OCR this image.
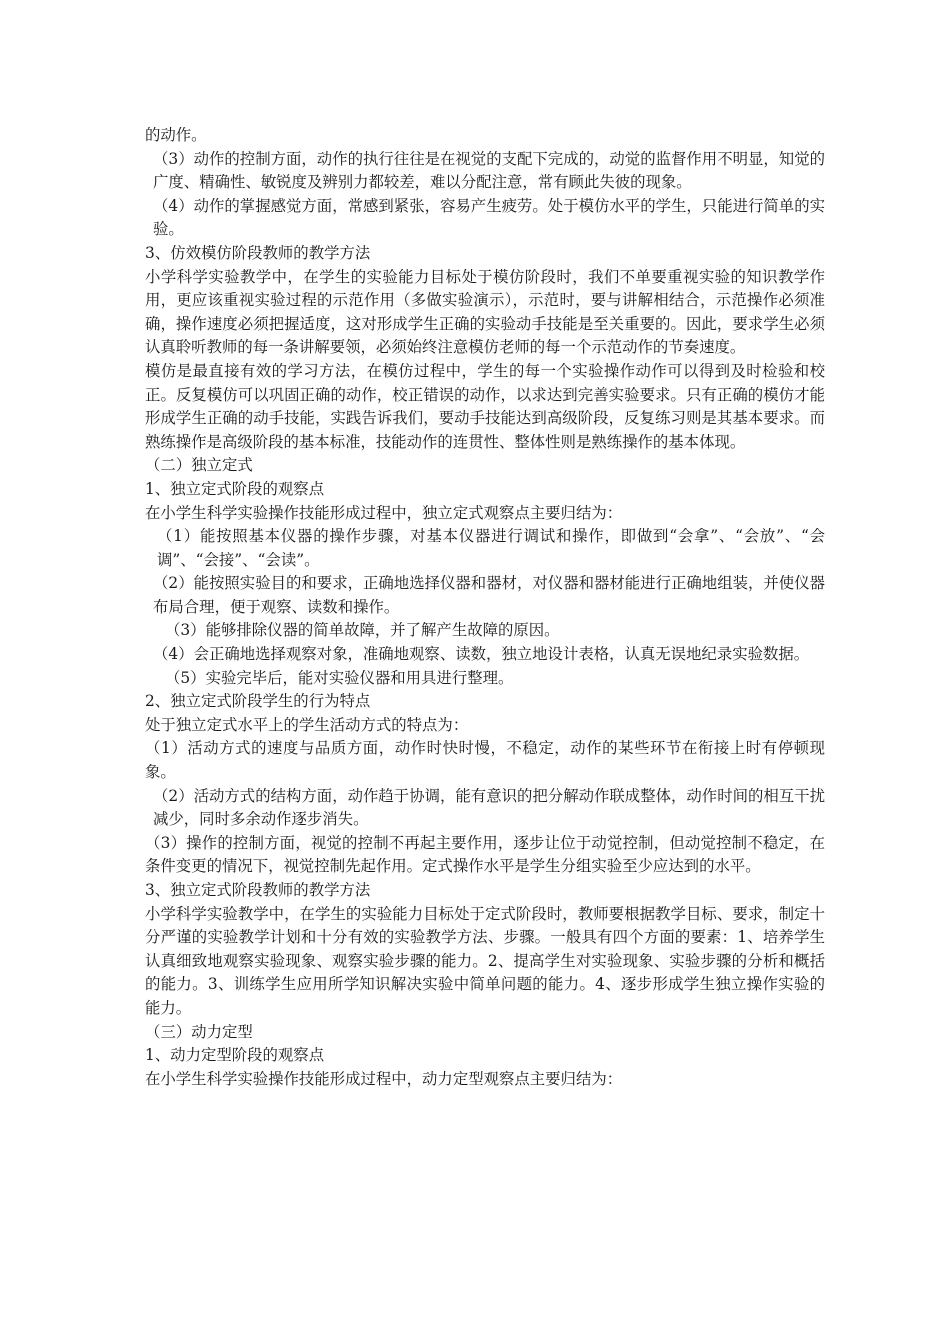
的动作。

（3）动作的控制方面，动作的执行往往是在视觉的支配下完成的，动觉的监督作用不明显，知觉的广度、精确性、敏锐度及辨别力都较差，难以分配注意，常有顾此失彼的现象。

（4）动作的掌握感觉方面，常感到紧张，容易产生疲劳。处于模仿水平的学生，只能进行简单的实验。

3、仿效模仿阶段教师的教学方法

小学科学实验教学中，在学生的实验能力目标处于模仿阶段时，我们不单要重视实验的知识教学作用，更应该重视实验过程的示范作用（多做实验演示），示范时，要与讲解相结合，示范操作必须准确，操作速度必须把握适度，这对形成学生正确的实验动手技能是至关重要的。因此，要求学生必须认真聆听教师的每一条讲解要领，必须始终注意模仿老师的每一个示范动作的节奏速度。

模仿是最直接有效的学习方法，在模仿过程中，学生的每一个实验操作动作可以得到及时检验和校正。反复模仿可以巩固正确的动作，校正错误的动作，以求达到完善实验要求。只有正确的模仿才能形成学生正确的动手技能，实践告诉我们，要动手技能达到高级阶段，反复练习则是其基本要求。而熟练操作是高级阶段的基本标准，技能动作的连贯性、整体性则是熟练操作的基本体现。

（二）独立定式

1、独立定式阶段的观察点

在小学生科学实验操作技能形成过程中，独立定式观察点主要归结为：

（1）能按照基本仪器的操作步骤，对基本仪器进行调试和操作，即做到“会拿”、“会放”、“会调”、“会接”、“会读”。

（2）能按照实验目的和要求，正确地选择仪器和器材，对仪器和器材能进行正确地组装，并使仪器布局合理，便于观察、读数和操作。

（3）能够排除仪器的简单故障，并了解产生故障的原因。

（4）会正确地选择观察对象，准确地观察、读数，独立地设计表格，认真无误地纪录实验数据。

（5）实验完毕后，能对实验仪器和用具进行整理。

2、独立定式阶段学生的行为特点

处于独立定式水平上的学生活动方式的特点为：

（1）活动方式的速度与品质方面，动作时快时慢，不稳定，动作的某些环节在衔接上时有停顿现象。

（2）活动方式的结构方面，动作趋于协调，能有意识的把分解动作联成整体，动作时间的相互干扰减少，同时多余动作逐步消失。

（3）操作的控制方面，视觉的控制不再起主要作用，逐步让位于动觉控制，但动觉控制不稳定，在条件变更的情况下，视觉控制先起作用。定式操作水平是学生分组实验至少应达到的水平。

3、独立定式阶段教师的教学方法

小学科学实验教学中，在学生的实验能力目标处于定式阶段时，教师要根据教学目标、要求，制定十分严谨的实验教学计划和十分有效的实验教学方法、步骤。一般具有四个方面的要素：1、培养学生认真细致地观察实验现象、观察实验步骤的能力。2、提高学生对实验现象、实验步骤的分析和概括的能力。3、训练学生应用所学知识解决实验中简单问题的能力。4、逐步形成学生独立操作实验的能力。

（三）动力定型

1、动力定型阶段的观察点

在小学生科学实验操作技能形成过程中，动力定型观察点主要归结为：
